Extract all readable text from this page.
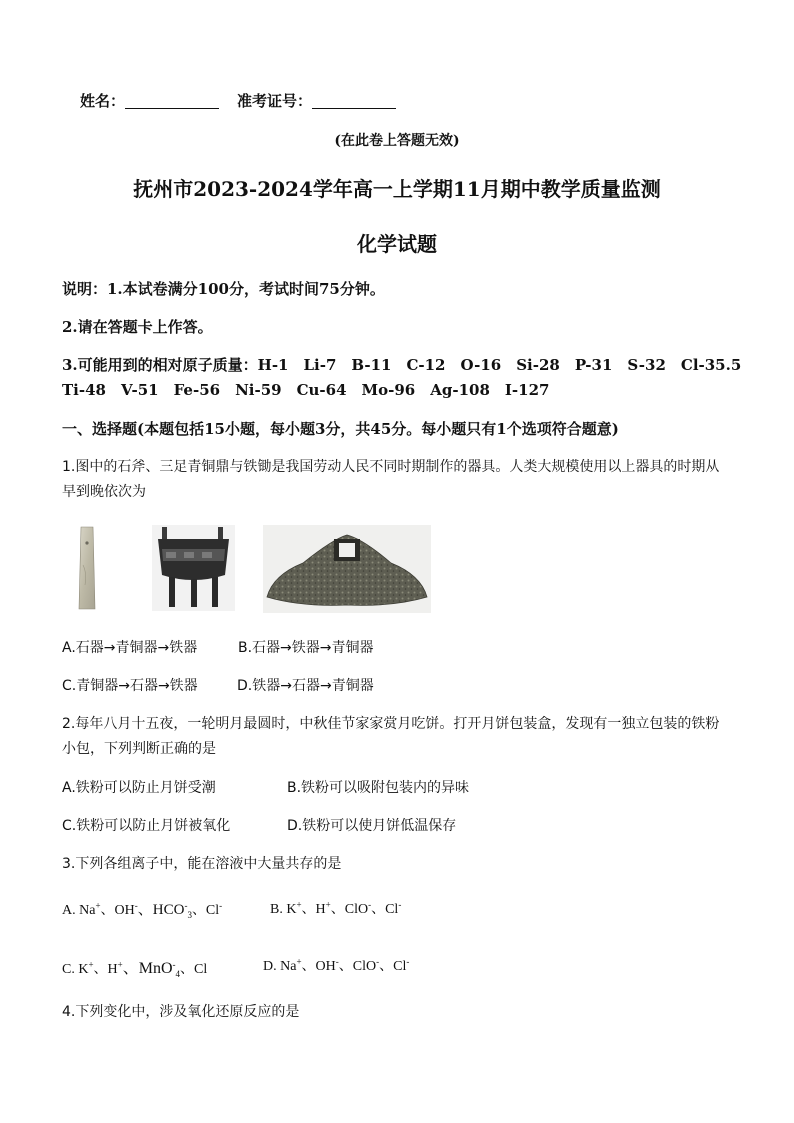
姓名：	准考证号：
(在此卷上答题无效)
抚州市2023-2024学年高一上学期11月期中教学质量监测
化学试题
说明：1.本试卷满分100分，考试时间75分钟。
2.请在答题卡上作答。
3.可能用到的相对原子质量：H-1　Li-7　B-11　C-12　O-16　Si-28　P-31　S-32　Cl-35.5
Ti-48　V-51　Fe-56　Ni-59　Cu-64　Mo-96　Ag-108　I-127
一、选择题(本题包括15小题，每小题3分，共45分。每小题只有1个选项符合题意)
1.图中的石斧、三足青铜鼎与铁锄是我国劳动人民不同时期制作的器具。人类大规模使用以上器具的时期从
早到晚依次为
A.石器→青铜器→铁器	B.石器→铁器→青铜器
C.青铜器→石器→铁器	D.铁器→石器→青铜器
2.每年八月十五夜，一轮明月最圆时，中秋佳节家家赏月吃饼。打开月饼包装盒，发现有一独立包装的铁粉
小包，下列判断正确的是
A.铁粉可以防止月饼受潮	B.铁粉可以吸附包装内的异味
C.铁粉可以防止月饼被氧化	D.铁粉可以使月饼低温保存
3.下列各组离子中，能在溶液中大量共存的是
A. Na+、OH-、$HCO^-_3$、Cl-	B. K+、H+、ClO-、Cl-
C. K+、H+、MnO-$_4$、Cl	D. Na+、OH-、ClO-、Cl-
4.下列变化中，涉及氧化还原反应的是
